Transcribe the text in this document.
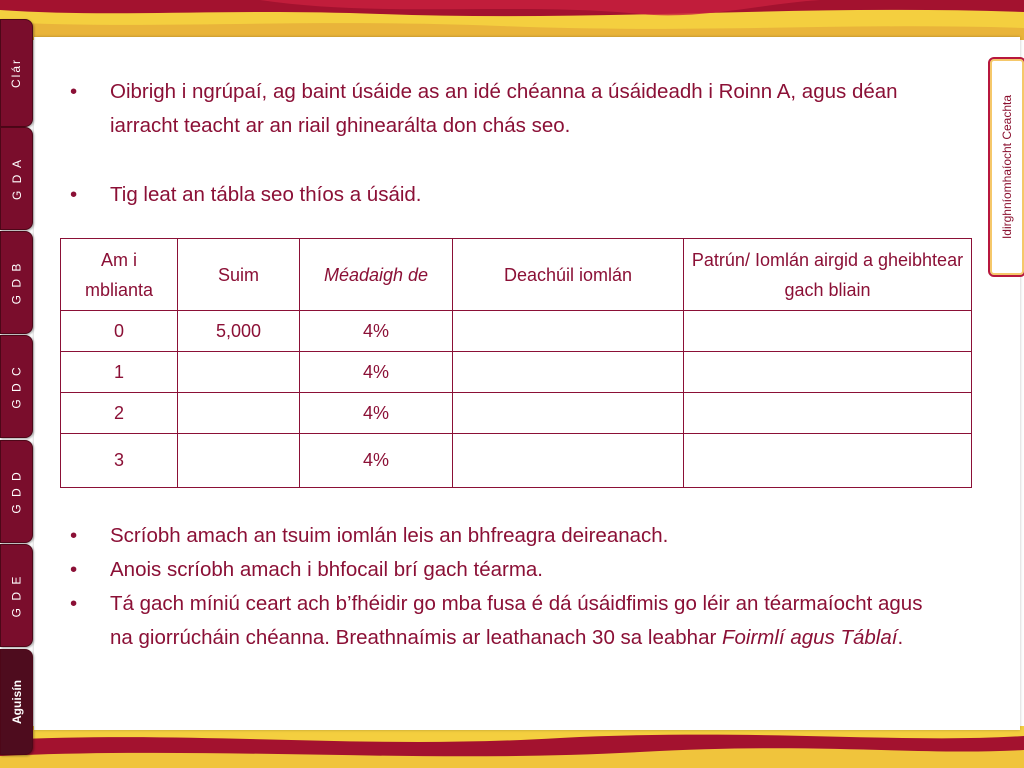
Clár
G D A
G D B
G D C
G D D
G D E
Aguisín
Idirghníomhaíocht Ceachta
• Oibrigh i ngrúpaí, ag baint úsáide as an idé chéanna a úsáideadh i Roinn A, agus déan iarracht teacht ar an riail ghinearálta don chás seo.
• Tig leat an tábla seo thíos a úsáid.
Am i mblianta	Suim	Méadaigh de	Deachúil iomlán	Patrún/ Iomlán airgid a gheibhtear gach bliain
0	5,000	4%		
1		4%		
2		4%		
3		4%		
• Scríobh amach an tsuim iomlán leis an bhfreagra deireanach.
• Anois scríobh amach i bhfocail brí gach téarma.
• Tá gach míniú ceart ach b’fhéidir go mba fusa é dá úsáidfimis go léir an téarmaíocht agus na giorrúcháin chéanna. Breathnaímis ar leathanach 30 sa leabhar Foirmlí agus Táblaí.
